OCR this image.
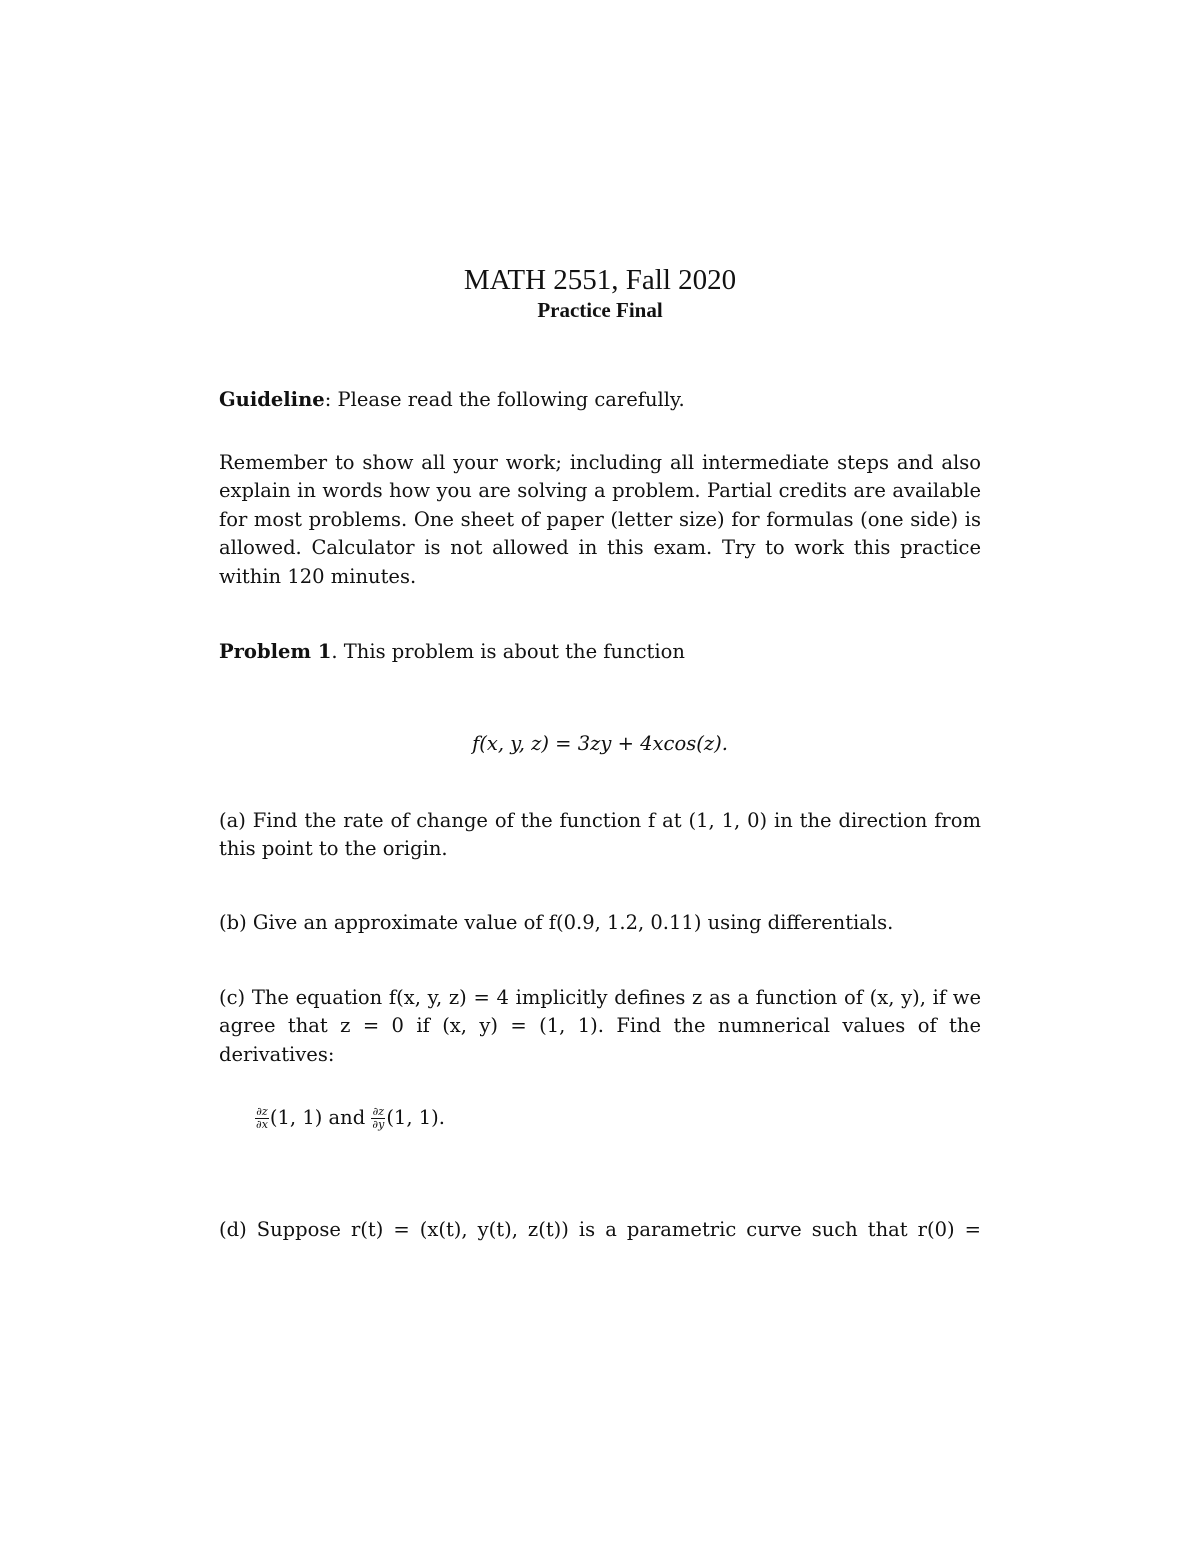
MATH 2551, Fall 2020
Practice Final
Guideline: Please read the following carefully.
Remember to show all your work; including all intermediate steps and also explain in words how you are solving a problem. Partial credits are available for most problems. One sheet of paper (letter size) for formulas (one side) is allowed. Calculator is not allowed in this exam. Try to work this practice within 120 minutes.
Problem 1. This problem is about the function
f(x, y, z) = 3zy + 4xcos(z).
(a) Find the rate of change of the function f at (1, 1, 0) in the direction from this point to the origin.
(b) Give an approximate value of f(0.9, 1.2, 0.11) using differentials.
(c) The equation f(x, y, z) = 4 implicitly defines z as a function of (x, y), if we agree that z = 0 if (x, y) = (1, 1). Find the numnerical values of the derivatives:
$\frac{\partial z}{\partial x} (1$, 1) and $\frac{\partial z}{\partial y} (1$, 1).
(d) Suppose r(t) = (x(t), y(t), z(t)) is a parametric curve such that r(0) =
